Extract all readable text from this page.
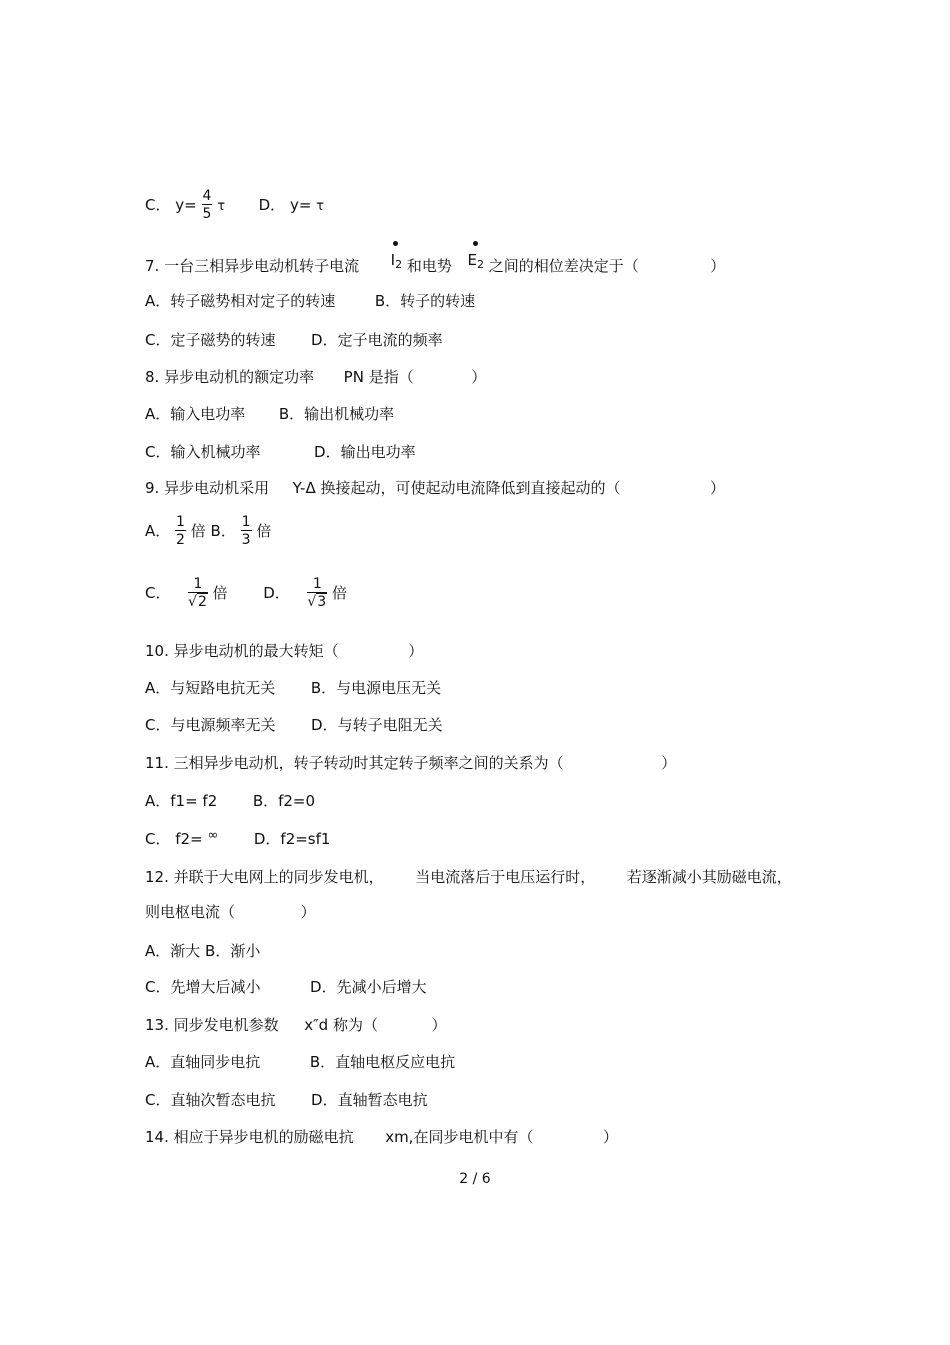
C． $y= \frac{4}{5}$ τ D． y= τ
7. 一台三相异步电动机转子电流 $I_2$ 和电势 $E_2$ 之间的相位差决定于（	）
A．转子磁势相对定子的转速	B．转子的转速
C．定子磁势的转速 D．定子电流的频率
8. 异步电动机的额定功率 PN 是指（	）
A．输入电功率 B．输出机械功率
C．输入机械功率	D．输出电功率
9. 异步电动机采用 Y-Δ 换接起动，可使起动电流降低到直接起动的（	）
A． $\frac{1}{2}$ 倍 B． $\frac{1}{3}$ 倍
C． $\frac{1}{√2}$ 倍 D． $\frac{1}{√3}$ 倍
10. 异步电动机的最大转矩（	）
A．与短路电抗无关 B．与电源电压无关
C．与电源频率无关 D．与转子电阻无关
11. 三相异步电动机，转子转动时其定转子频率之间的关系为（	）
A．f1= f2 B．f2=0
C． f2= ∞ D．f2=sf1
12. 并联于大电网上的同步发电机， 当电流落后于电压运行时， 若逐渐减小其励磁电流，
则电枢电流（	）
A．渐大 B．渐小
C．先增大后减小	D．先减小后增大
13. 同步发电机参数 x″d 称为（	）
A．直轴同步电抗	B．直轴电枢反应电抗
C．直轴次暂态电抗 D．直轴暂态电抗
14. 相应于异步电机的励磁电抗 xm,在同步电机中有（	）
2 / 6
